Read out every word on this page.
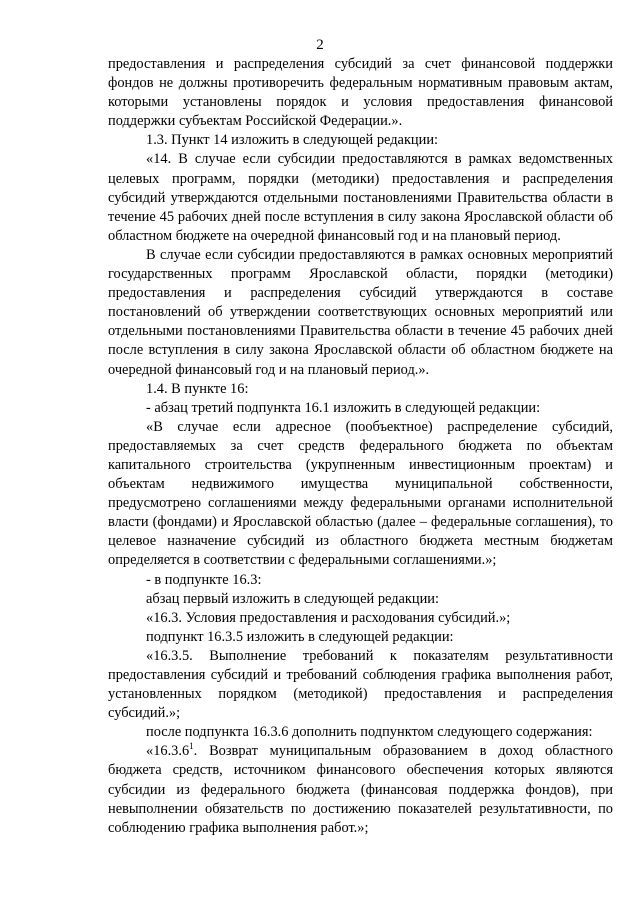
2

предоставления и распределения субсидий за счет финансовой поддержки фондов не должны противоречить федеральным нормативным правовым актам, которыми установлены порядок и условия предоставления финансовой поддержки субъектам Российской Федерации.».

1.3. Пункт 14 изложить в следующей редакции:

«14. В случае если субсидии предоставляются в рамках ведомственных целевых программ, порядки (методики) предоставления и распределения субсидий утверждаются отдельными постановлениями Правительства области в течение 45 рабочих дней после вступления в силу закона Ярославской области об областном бюджете на очередной финансовый год и на плановый период.

В случае если субсидии предоставляются в рамках основных мероприятий государственных программ Ярославской области, порядки (методики) предоставления и распределения субсидий утверждаются в составе постановлений об утверждении соответствующих основных мероприятий или отдельными постановлениями Правительства области в течение 45 рабочих дней после вступления в силу закона Ярославской области об областном бюджете на очередной финансовый год и на плановый период.».

1.4. В пункте 16:

- абзац третий подпункта 16.1 изложить в следующей редакции:

«В случае если адресное (пообъектное) распределение субсидий, предоставляемых за счет средств федерального бюджета по объектам капитального строительства (укрупненным инвестиционным проектам) и объектам недвижимого имущества муниципальной собственности, предусмотрено соглашениями между федеральными органами исполнительной власти (фондами) и Ярославской областью (далее – федеральные соглашения), то целевое назначение субсидий из областного бюджета местным бюджетам определяется в соответствии с федеральными соглашениями.»;

- в подпункте 16.3:

абзац первый изложить в следующей редакции:

«16.3. Условия предоставления и расходования субсидий.»;

подпункт 16.3.5 изложить в следующей редакции:

«16.3.5. Выполнение требований к показателям результативности предоставления субсидий и требований соблюдения графика выполнения работ, установленных порядком (методикой) предоставления и распределения субсидий.»;

после подпункта 16.3.6 дополнить подпунктом следующего содержания:

«16.3.6$^1$. Возврат муниципальным образованием в доход областного бюджета средств, источником финансового обеспечения которых являются субсидии из федерального бюджета (финансовая поддержка фондов), при невыполнении обязательств по достижению показателей результативности, по соблюдению графика выполнения работ.»;
